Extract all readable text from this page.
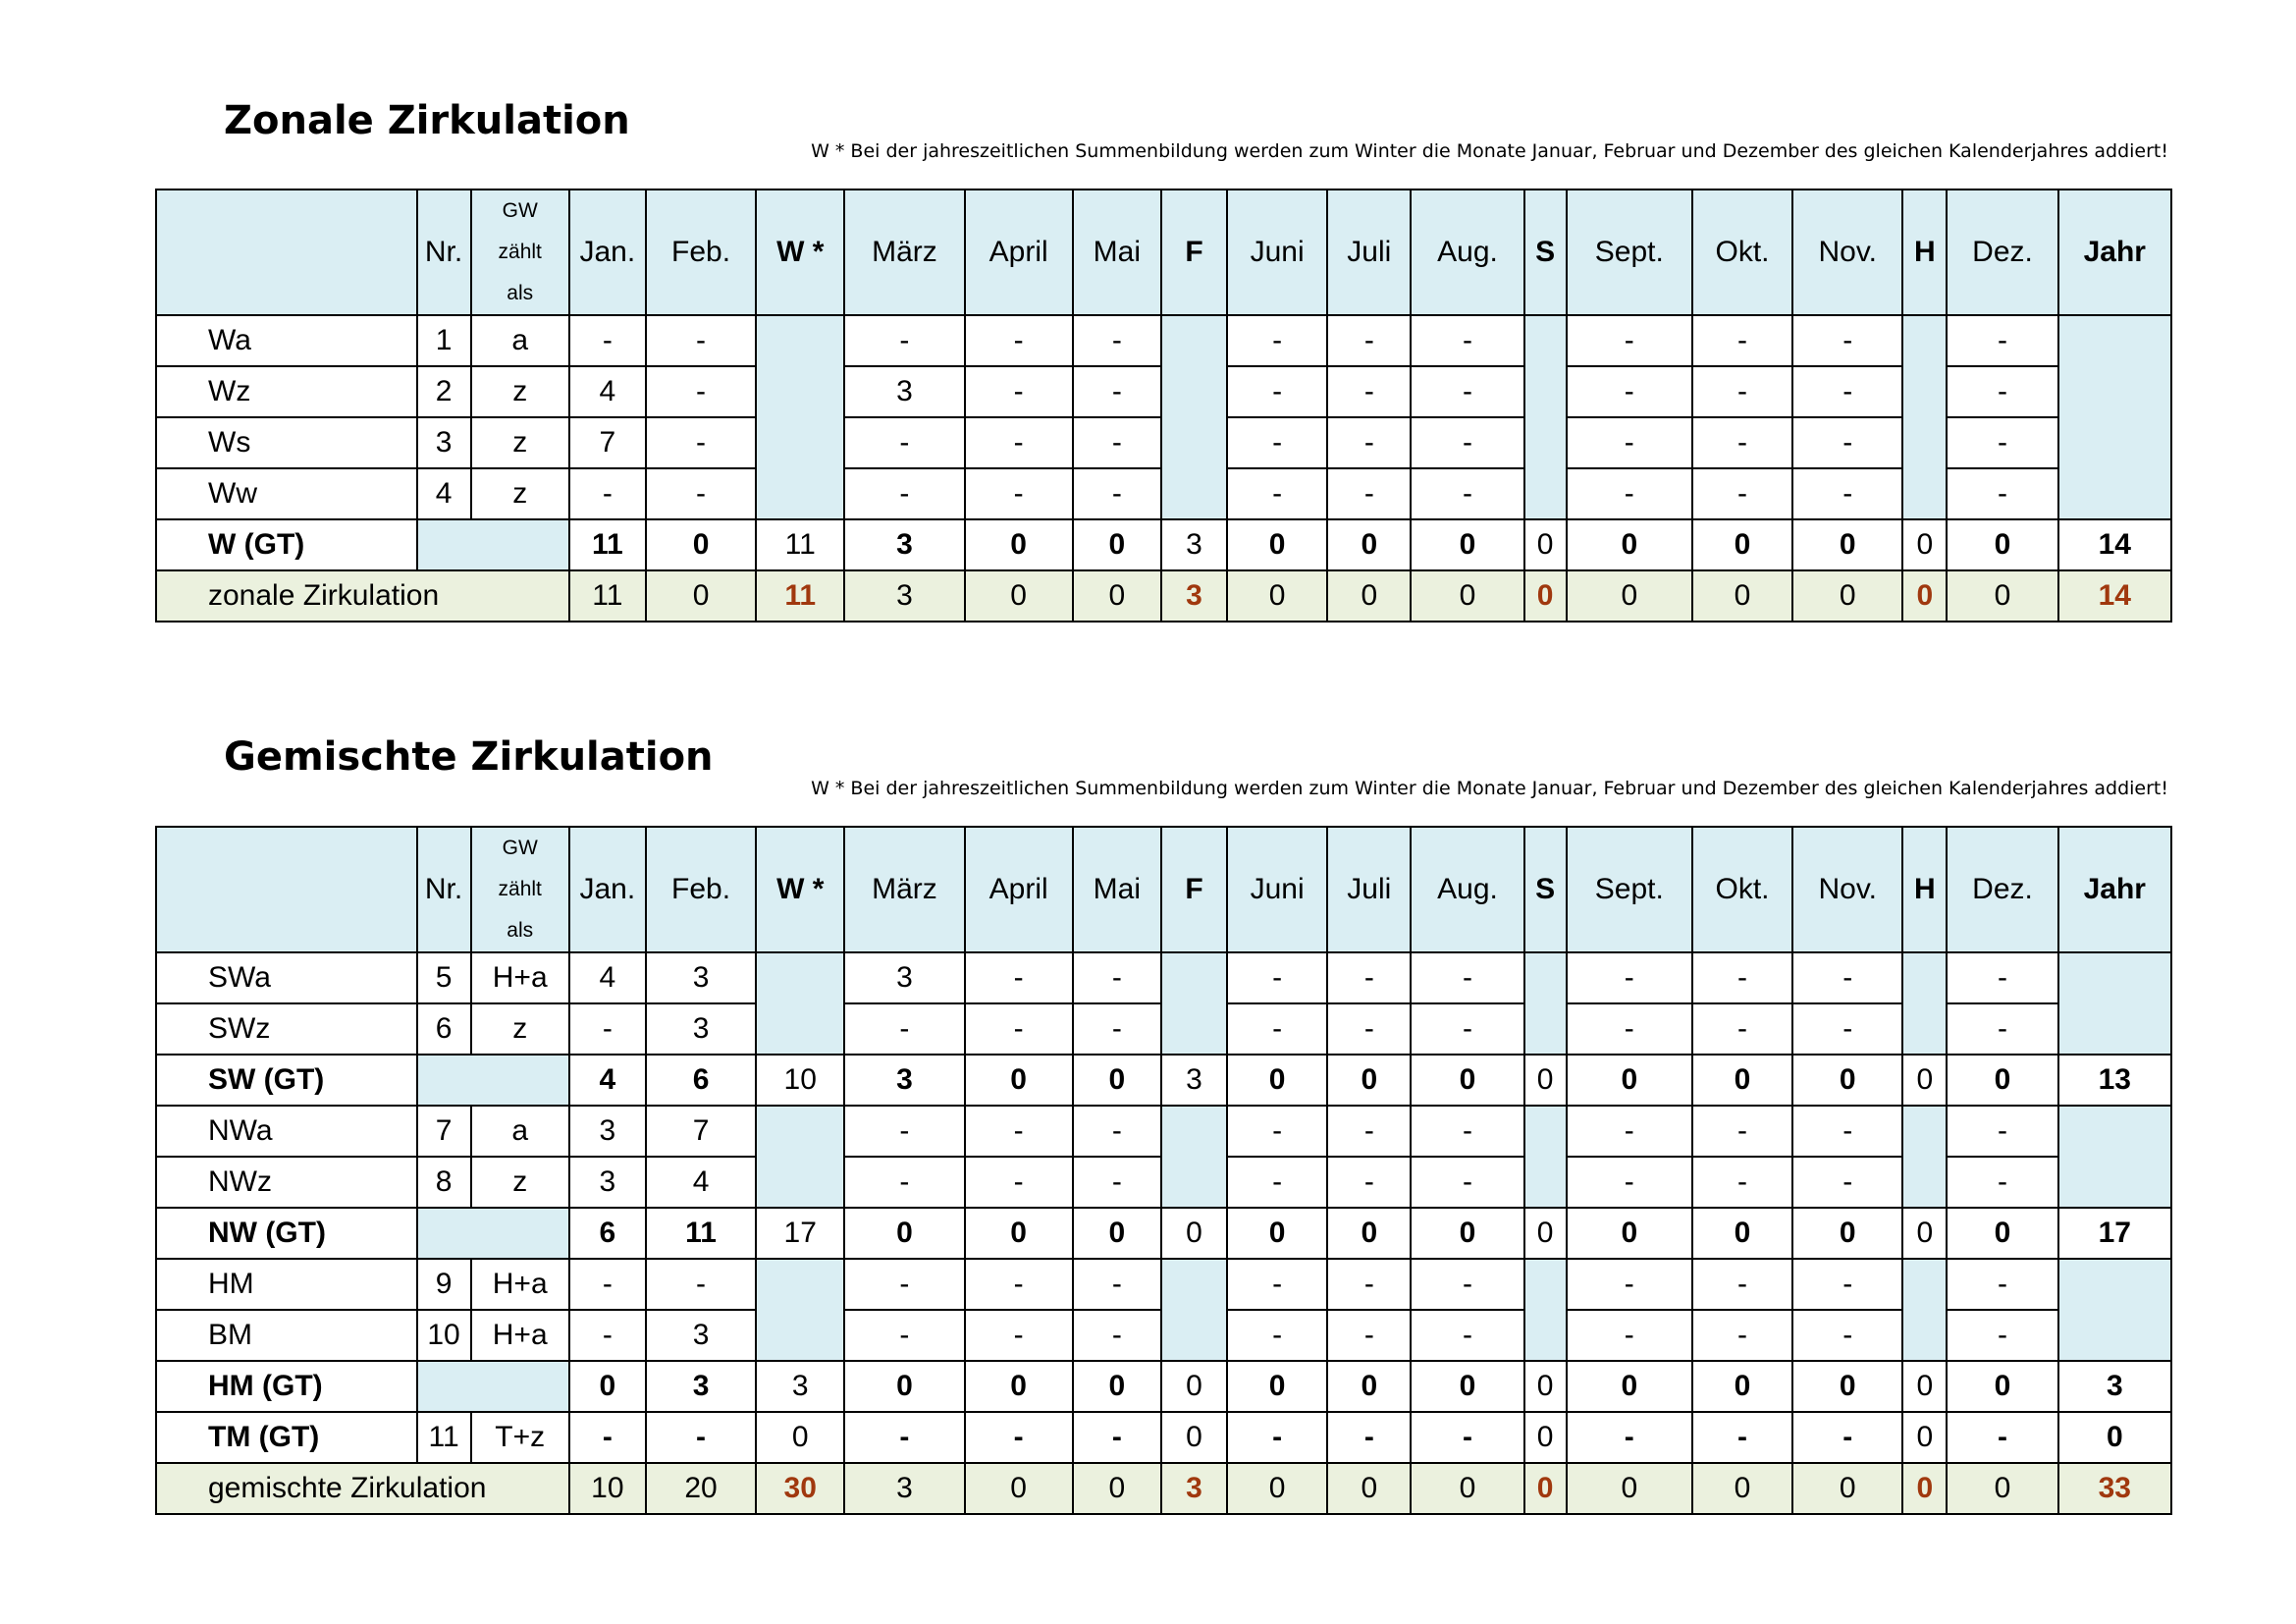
Zonale Zirkulation
W * Bei der jahreszeitlichen Summenbildung werden zum Winter die Monate Januar, Februar und Dezember des gleichen Kalenderjahres addiert!
	Nr.	GW
zählt
als	Jan.	Feb.	W *	März	April	Mai	F	Juni	Juli	Aug.	S	Sept.	Okt.	Nov.	H	Dez.	Jahr
Wa	1	a	-	-		-	-	-		-	-	-		-	-	-		-	
Wz	2	z	4	-		3	-	-		-	-	-		-	-	-		-	
Ws	3	z	7	-		-	-	-		-	-	-		-	-	-		-	
Ww	4	z	-	-		-	-	-		-	-	-		-	-	-		-	
W (GT)			11	0	11	3	0	0	3	0	0	0	0	0	0	0	0	0	14
zonale Zirkulation			11	0	11	3	0	0	3	0	0	0	0	0	0	0	0	0	14
Gemischte Zirkulation
W * Bei der jahreszeitlichen Summenbildung werden zum Winter die Monate Januar, Februar und Dezember des gleichen Kalenderjahres addiert!
	Nr.	GW
zählt
als	Jan.	Feb.	W *	März	April	Mai	F	Juni	Juli	Aug.	S	Sept.	Okt.	Nov.	H	Dez.	Jahr
SWa	5	H+a	4	3		3	-	-		-	-	-		-	-	-		-	
SWz	6	z	-	3		-	-	-		-	-	-		-	-	-		-	
SW (GT)			4	6	10	3	0	0	3	0	0	0	0	0	0	0	0	0	13
NWa	7	a	3	7		-	-	-		-	-	-		-	-	-		-	
NWz	8	z	3	4		-	-	-		-	-	-		-	-	-		-	
NW (GT)			6	11	17	0	0	0	0	0	0	0	0	0	0	0	0	0	17
HM	9	H+a	-	-		-	-	-		-	-	-		-	-	-		-	
BM	10	H+a	-	3		-	-	-		-	-	-		-	-	-		-	
HM (GT)			0	3	3	0	0	0	0	0	0	0	0	0	0	0	0	0	3
TM (GT)	11	T+z	-	-	0	-	-	-	0	-	-	-	0	-	-	-	0	-	0
gemischte Zirkulation			10	20	30	3	0	0	3	0	0	0	0	0	0	0	0	0	33
